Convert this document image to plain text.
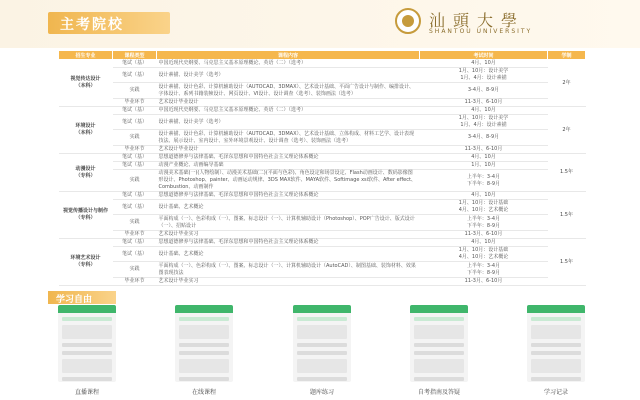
主考院校	汕頭大學
SHANTOU UNIVERSITY
招生专业	课程类型	课程内容	考试时间	学制
视觉传达设计
（本科）	笔试（基）	中国近现代史纲要、马克思主义基本原理概论、英语（二）（选考）	4月、10月	2年
	笔试（基）	设计素描、设计美学（选考）	1月、10月：设计美学
1月、4月：设计素描	
	实践	设计素描、设计色彩、计算机辅助设计（AUTOCAD、3DMAX）、艺术设计基础、平面广告设计与制作、编排设计、字体设计、系列书籍装帧设计、网页设计、VI设计、设计调查（选考）、装饰画法（选考）	3-4月、8-9月	
	毕业环节	艺术设计毕业设计	11-3月、6-10月	
环境设计
（本科）	笔试（基）	中国近现代史纲要、马克思主义基本原理概论、英语（二）（选考）	4月、10月	2年
	笔试（基）	设计素描、设计美学（选考）	1月、10月：设计美学
1月、4月：设计素描	
	实践	设计素描、设计色彩、计算机辅助设计（AUTOCAD、3DMAX）、艺术设计基础、立体构成、材料工艺学、设计表现技法、展示设计、室内设计、室外环境景观设计、设计调查（选考）、装饰画法（选考）	3-4月、8-9月	
	毕业环节	艺术设计毕业设计	11-3月、6-10月	
动漫设计
（专科）	笔试（基）	思想道德修养与法律基础、毛泽东思想和中国特色社会主义理论体系概论	4月、10月	1.5年
	笔试（基）	动漫产业概论、动画编导基础	1月、10月	
	实践	动漫美术基础(一)(人物绘制）、动漫美术基础(二)(平面与色彩)、角色设定和场景设定、Flash动画设计、数码影像图形设计、Photoshop、painter、动画运动规律、3DS MAX软件、MAYA软件、Softimage xsi软件、After effect、Combustion、动画制作	上半年：3-4月
下半年：8-9月	
视觉传播设计与制作
（专科）	笔试（基）	思想道德修养与法律基础、毛泽东思想和中国特色社会主义理论体系概论	4月、10月	1.5年
	笔试（基）	设计基础、艺术概论	1月、10月：设计基础
4月、10月：艺术概论	
	实践	平面构成（一）、色彩构成（一）、图案、标志设计（一）、计算机辅助设计（Photoshop）、POP广告设计、版式设计（一）、招贴设计	上半年：3-4月
下半年：8-9月	
	毕业环节	艺术设计毕业实习	11-3月、6-10月	
环境艺术设计
（专科）	笔试（基）	思想道德修养与法律基础、毛泽东思想和中国特色社会主义理论体系概论	4月、10月	1.5年
	笔试（基）	设计基础、艺术概论	1月、10月：设计基础
4月、10月：艺术概论	
	实践	平面构成（一）、色彩构成（一）、图案、标志设计（一）、计算机辅助设计（AutoCAD）、制图基础、装饰材料、效果图表现技法	上半年：3-4月
下半年：8-9月	
	毕业环节	艺术设计毕业实习	11-3月、6-10月	
学习自由
直播课程	在线课程	题库练习	自考指南及答疑	学习记录
